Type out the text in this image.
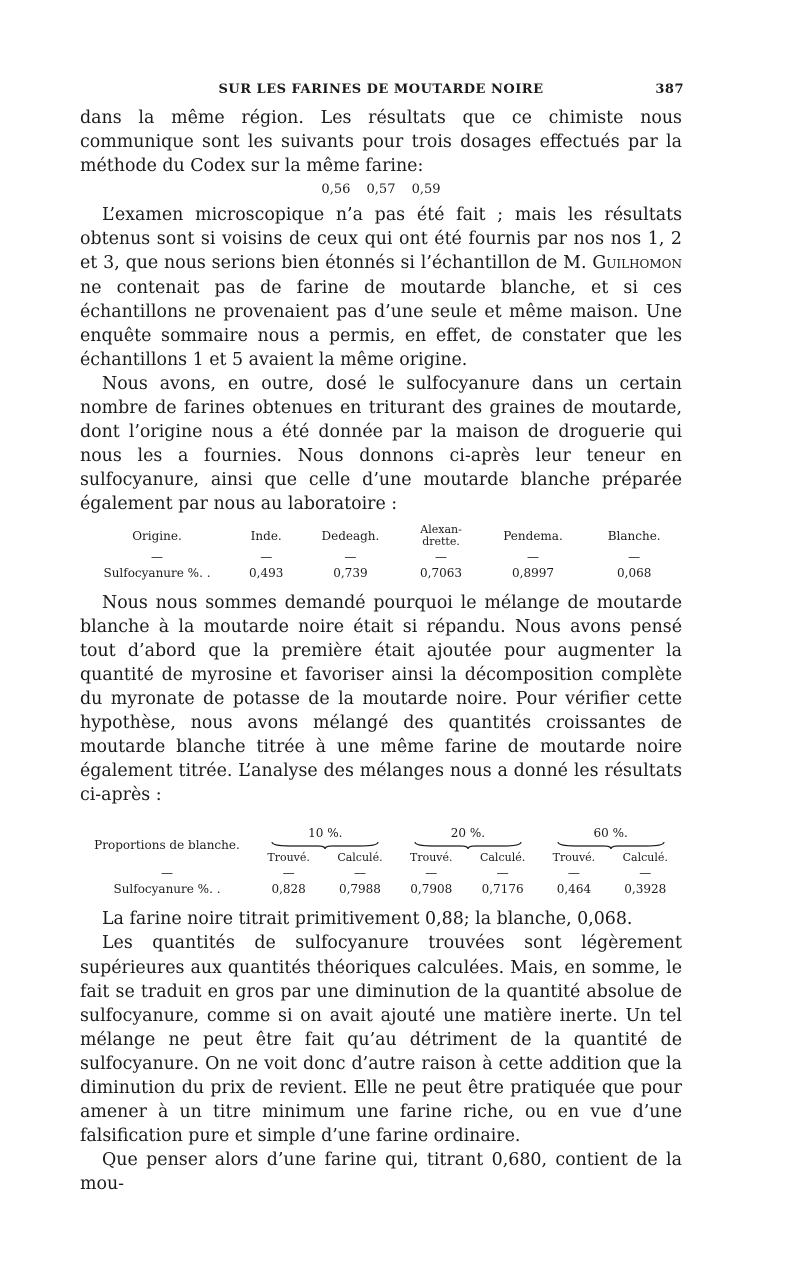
SUR LES FARINES DE MOUTARDE NOIRE	387

dans la même région. Les résultats que ce chimiste nous communique sont les suivants pour trois dosages effectués par la méthode du Codex sur la même farine:

0,56 0,57 0,59

L’examen microscopique n’a pas été fait ; mais les résultats obtenus sont si voisins de ceux qui ont été fournis par nos nos 1, 2 et 3, que nous serions bien étonnés si l’échantillon de M. Guilhomon ne contenait pas de farine de moutarde blanche, et si ces échantillons ne provenaient pas d’une seule et même maison. Une enquête sommaire nous a permis, en effet, de constater que les échantillons 1 et 5 avaient la même origine.

Nous avons, en outre, dosé le sulfocyanure dans un certain nombre de farines obtenues en triturant des graines de moutarde, dont l’origine nous a été donnée par la maison de droguerie qui nous les a fournies. Nous donnons ci-après leur teneur en sulfocyanure, ainsi que celle d’une moutarde blanche préparée également par nous au laboratoire :

Origine.	Inde.	Dedeagh.	Alexan-
drette.	Pendema.	Blanche.
—	—	—	—	—	—
Sulfocyanure %. .	0,493	0,739	0,7063	0,8997	0,068

Nous nous sommes demandé pourquoi le mélange de moutarde blanche à la moutarde noire était si répandu. Nous avons pensé tout d’abord que la première était ajoutée pour augmenter la quantité de myrosine et favoriser ainsi la décomposition complète du myronate de potasse de la moutarde noire. Pour vérifier cette hypothèse, nous avons mélangé des quantités croissantes de moutarde blanche titrée à une même farine de moutarde noire également titrée. L’analyse des mélanges nous a donné les résultats ci-après :

Proportions de blanche.	10 %.		20 %.		60 %.	

	Trouvé.	Calculé.	Trouvé.	Calculé.	Trouvé.	Calculé.
—	—	—	—	—	—	—
Sulfocyanure %. .	0,828	0,7988	0,7908	0,7176	0,464	0,3928

La farine noire titrait primitivement 0,88; la blanche, 0,068.

Les quantités de sulfocyanure trouvées sont légèrement supérieures aux quantités théoriques calculées. Mais, en somme, le fait se traduit en gros par une diminution de la quantité absolue de sulfocyanure, comme si on avait ajouté une matière inerte. Un tel mélange ne peut être fait qu’au détriment de la quantité de sulfocyanure. On ne voit donc d’autre raison à cette addition que la diminution du prix de revient. Elle ne peut être pratiquée que pour amener à un titre minimum une farine riche, ou en vue d’une falsification pure et simple d’une farine ordinaire.

Que penser alors d’une farine qui, titrant 0,680, contient de la mou-
